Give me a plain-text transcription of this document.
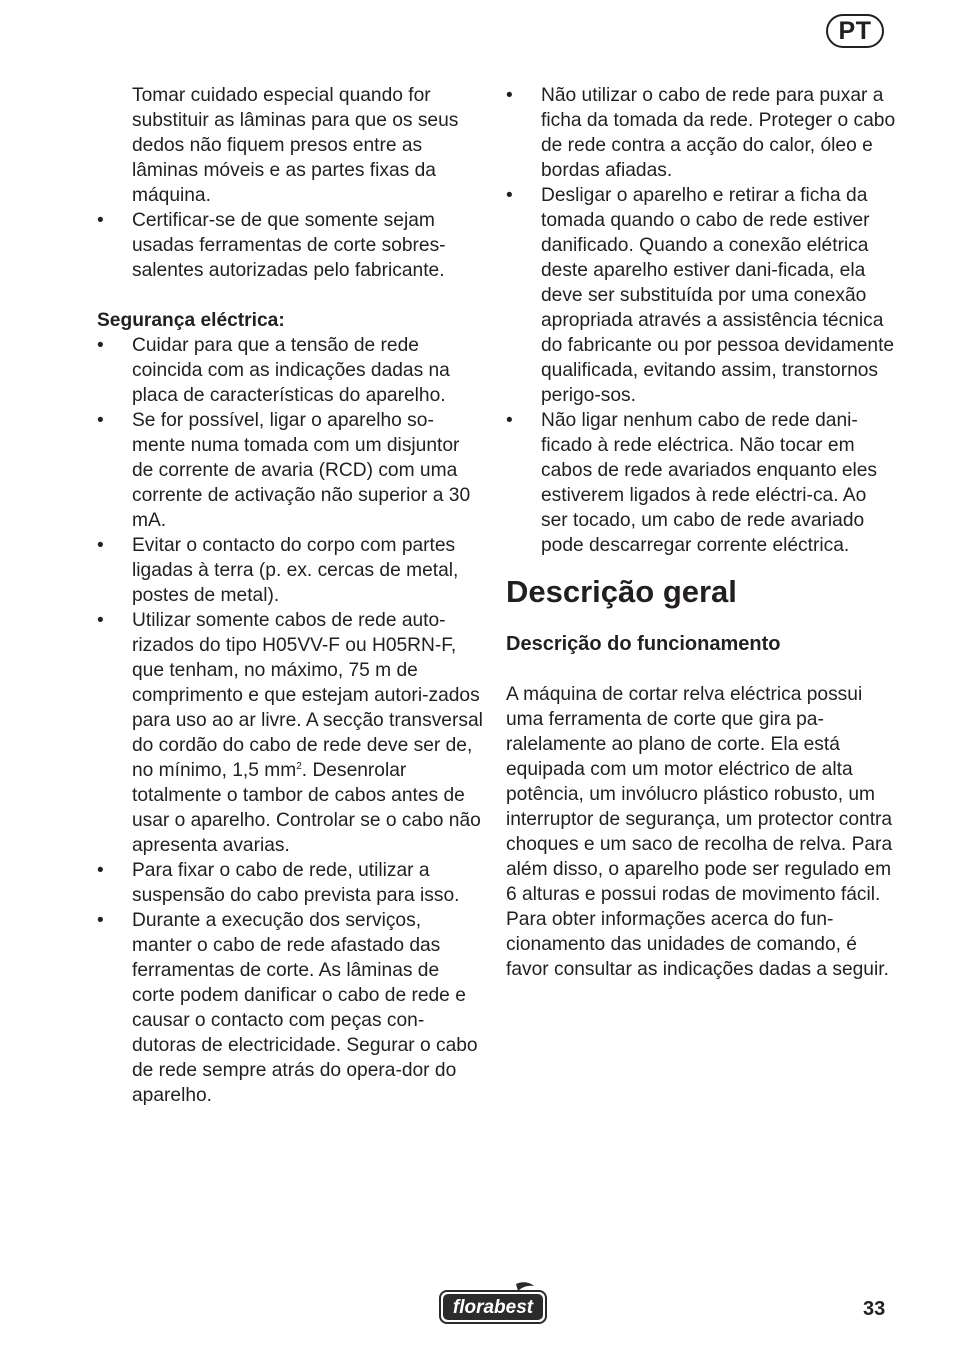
PT
Tomar cuidado especial quando for substituir as lâminas para que os seus dedos não fiquem presos entre as lâminas móveis e as partes fixas da máquina.
• Certificar-se de que somente sejam usadas ferramentas de corte sobres-salentes autorizadas pelo fabricante.
Segurança eléctrica:
• Cuidar para que a tensão de rede coincida com as indicações dadas na placa de características do aparelho.
• Se for possível, ligar o aparelho so-mente numa tomada com um disjuntor de corrente de avaria (RCD) com uma corrente de activação não superior a 30 mA.
• Evitar o contacto do corpo com partes ligadas à terra (p. ex. cercas de metal, postes de metal).
• Utilizar somente cabos de rede auto-rizados do tipo H05VV-F ou H05RN-F, que tenham, no máximo, 75 m de comprimento e que estejam autori-zados para uso ao ar livre. A secção transversal do cordão do cabo de rede deve ser de, no mínimo, 1,5 $mm^2$. Desenrolar totalmente o tambor de cabos antes de usar o aparelho. Controlar se o cabo não apresenta avarias.
• Para fixar o cabo de rede, utilizar a suspensão do cabo prevista para isso.
• Durante a execução dos serviços, manter o cabo de rede afastado das ferramentas de corte. As lâminas de corte podem danificar o cabo de rede e causar o contacto com peças con-dutoras de electricidade. Segurar o cabo de rede sempre atrás do opera-dor do aparelho.
• Não utilizar o cabo de rede para puxar a ficha da tomada da rede. Proteger o cabo de rede contra a acção do calor, óleo e bordas afiadas.
• Desligar o aparelho e retirar a ficha da tomada quando o cabo de rede estiver danificado. Quando a conexão elétrica deste aparelho estiver dani-ficada, ela deve ser substituída por uma conexão apropriada através a assistência técnica do fabricante ou por pessoa devidamente qualificada, evitando assim, transtornos perigo-sos.
• Não ligar nenhum cabo de rede dani-ficado à rede eléctrica. Não tocar em cabos de rede avariados enquanto eles estiverem ligados à rede eléctri-ca. Ao ser tocado, um cabo de rede avariado pode descarregar corrente eléctrica.
Descrição geral
Descrição do funcionamento
A máquina de cortar relva eléctrica possui uma ferramenta de corte que gira pa-ralelamente ao plano de corte. Ela está equipada com um motor eléctrico de alta potência, um invólucro plástico robusto, um interruptor de segurança, um protector contra choques e um saco de recolha de relva. Para além disso, o aparelho pode ser regulado em 6 alturas e possui rodas de movimento fácil.
Para obter informações acerca do fun-cionamento das unidades de comando, é favor consultar as indicações dadas a seguir.
florabest	33
